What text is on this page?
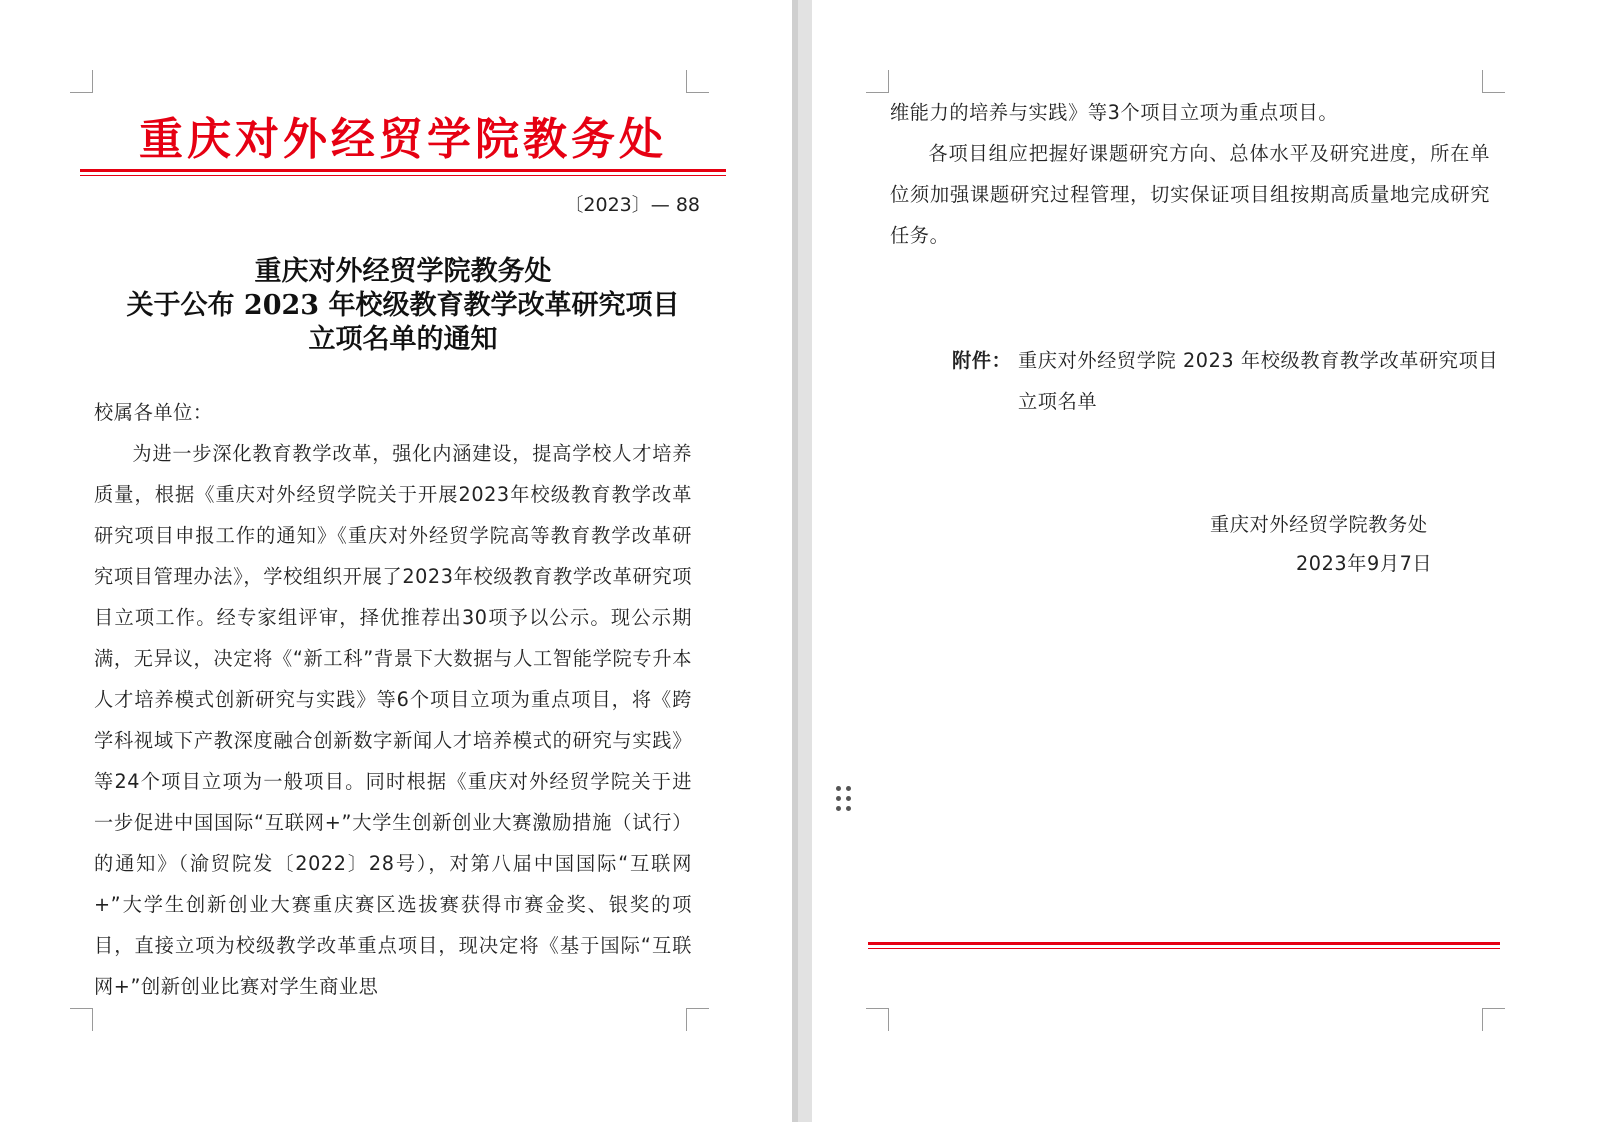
重庆对外经贸学院教务处
〔2023〕— 88
重庆对外经贸学院教务处
关于公布 2023 年校级教育教学改革研究项目
立项名单的通知

校属各单位：

为进一步深化教育教学改革，强化内涵建设，提高学校人才培养质量，根据《重庆对外经贸学院关于开展2023年校级教育教学改革研究项目申报工作的通知》《重庆对外经贸学院高等教育教学改革研究项目管理办法》，学校组织开展了2023年校级教育教学改革研究项目立项工作。经专家组评审，择优推荐出30项予以公示。现公示期满，无异议，决定将《“新工科”背景下大数据与人工智能学院专升本人才培养模式创新研究与实践》等6个项目立项为重点项目，将《跨学科视域下产教深度融合创新数字新闻人才培养模式的研究与实践》等24个项目立项为一般项目。同时根据《重庆对外经贸学院关于进一步促进中国国际“互联网+”大学生创新创业大赛激励措施（试行）的通知》（渝贸院发〔2022〕28号），对第八届中国国际“互联网+”大学生创新创业大赛重庆赛区选拔赛获得市赛金奖、银奖的项目，直接立项为校级教学改革重点项目，现决定将《基于国际“互联网+”创新创业比赛对学生商业思

维能力的培养与实践》等3个项目立项为重点项目。

各项目组应把握好课题研究方向、总体水平及研究进度，所在单位须加强课题研究过程管理，切实保证项目组按期高质量地完成研究任务。

附件： 重庆对外经贸学院 2023 年校级教育教学改革研究项目立项名单
重庆对外经贸学院教务处
2023年9月7日
